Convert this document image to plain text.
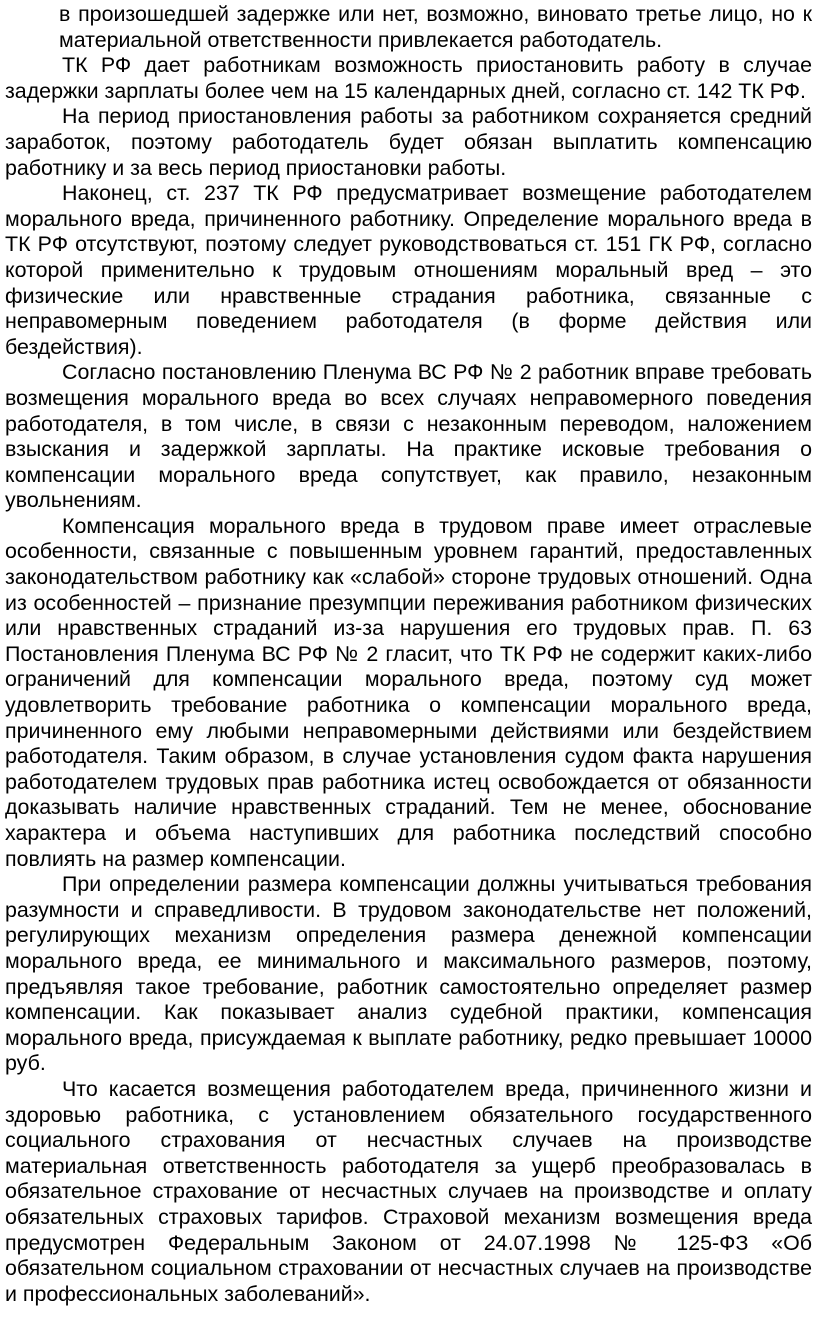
в произошедшей задержке или нет, возможно, виновато третье лицо, но к материальной ответственности привлекается работодатель.

ТК РФ дает работникам возможность приостановить работу в случае задержки зарплаты более чем на 15 календарных дней, согласно ст. 142 ТК РФ.

На период приостановления работы за работником сохраняется средний заработок, поэтому работодатель будет обязан выплатить компенсацию работнику и за весь период приостановки работы.

Наконец, ст. 237 ТК РФ предусматривает возмещение работодателем морального вреда, причиненного работнику. Определение морального вреда в ТК РФ отсутствуют, поэтому следует руководствоваться ст. 151 ГК РФ, согласно которой применительно к трудовым отношениям моральный вред – это физические или нравственные страдания работника, связанные с неправомерным поведением работодателя (в форме действия или бездействия).

Согласно постановлению Пленума ВС РФ № 2 работник вправе требовать возмещения морального вреда во всех случаях неправомерного поведения работодателя, в том числе, в связи с незаконным переводом, наложением взыскания и задержкой зарплаты. На практике исковые требования о компенсации морального вреда сопутствует, как правило, незаконным увольнениям.

Компенсация морального вреда в трудовом праве имеет отраслевые особенности, связанные с повышенным уровнем гарантий, предоставленных законодательством работнику как «слабой» стороне трудовых отношений. Одна из особенностей – признание презумпции переживания работником физических или нравственных страданий из-за нарушения его трудовых прав. П. 63 Постановления Пленума ВС РФ № 2 гласит, что ТК РФ не содержит каких-либо ограничений для компенсации морального вреда, поэтому суд может удовлетворить требование работника о компенсации морального вреда, причиненного ему любыми неправомерными действиями или бездействием работодателя. Таким образом, в случае установления судом факта нарушения работодателем трудовых прав работника истец освобождается от обязанности доказывать наличие нравственных страданий. Тем не менее, обоснование характера и объема наступивших для работника последствий способно повлиять на размер компенсации.

При определении размера компенсации должны учитываться требования разумности и справедливости. В трудовом законодательстве нет положений, регулирующих механизм определения размера денежной компенсации морального вреда, ее минимального и максимального размеров, поэтому, предъявляя такое требование, работник самостоятельно определяет размер компенсации. Как показывает анализ судебной практики, компенсация морального вреда, присуждаемая к выплате работнику, редко превышает 10000 руб.

Что касается возмещения работодателем вреда, причиненного жизни и здоровью работника, с установлением обязательного государственного социального страхования от несчастных случаев на производстве материальная ответственность работодателя за ущерб преобразовалась в обязательное страхование от несчастных случаев на производстве и оплату обязательных страховых тарифов. Страховой механизм возмещения вреда предусмотрен Федеральным Законом от 24.07.1998 № 125-ФЗ «Об обязательном социальном страховании от несчастных случаев на производстве и профессиональных заболеваний».
